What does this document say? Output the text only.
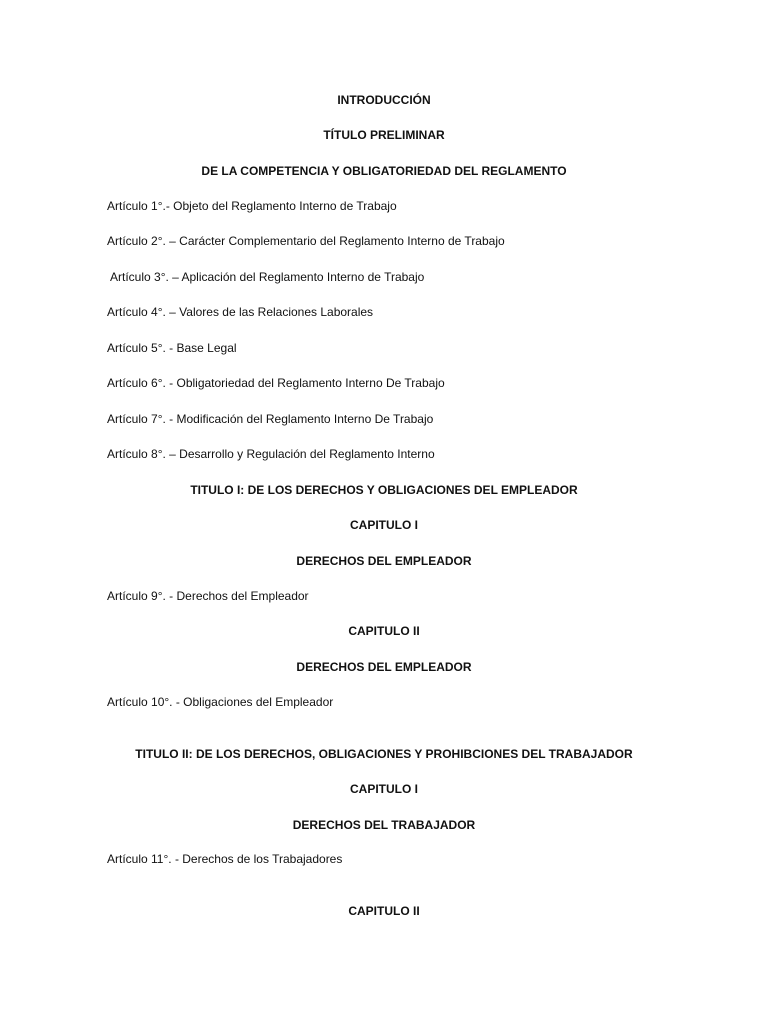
INTRODUCCIÓN
TÍTULO PRELIMINAR
DE LA COMPETENCIA Y OBLIGATORIEDAD DEL REGLAMENTO
Artículo 1°.- Objeto del Reglamento Interno de Trabajo
Artículo 2°. – Carácter Complementario del Reglamento Interno de Trabajo
Artículo 3°. – Aplicación del Reglamento Interno de Trabajo
Artículo 4°. – Valores de las Relaciones Laborales
Artículo 5°. - Base Legal
Artículo 6°. - Obligatoriedad del Reglamento Interno De Trabajo
Artículo 7°. - Modificación del Reglamento Interno De Trabajo
Artículo 8°. – Desarrollo y Regulación del Reglamento Interno
TITULO I: DE LOS DERECHOS Y OBLIGACIONES DEL EMPLEADOR
CAPITULO I
DERECHOS DEL EMPLEADOR
Artículo 9°. - Derechos del Empleador
CAPITULO II
DERECHOS DEL EMPLEADOR
Artículo 10°. - Obligaciones del Empleador
TITULO II: DE LOS DERECHOS, OBLIGACIONES Y PROHIBCIONES DEL TRABAJADOR
CAPITULO I
DERECHOS DEL TRABAJADOR
Artículo 11°. - Derechos de los Trabajadores
CAPITULO II
